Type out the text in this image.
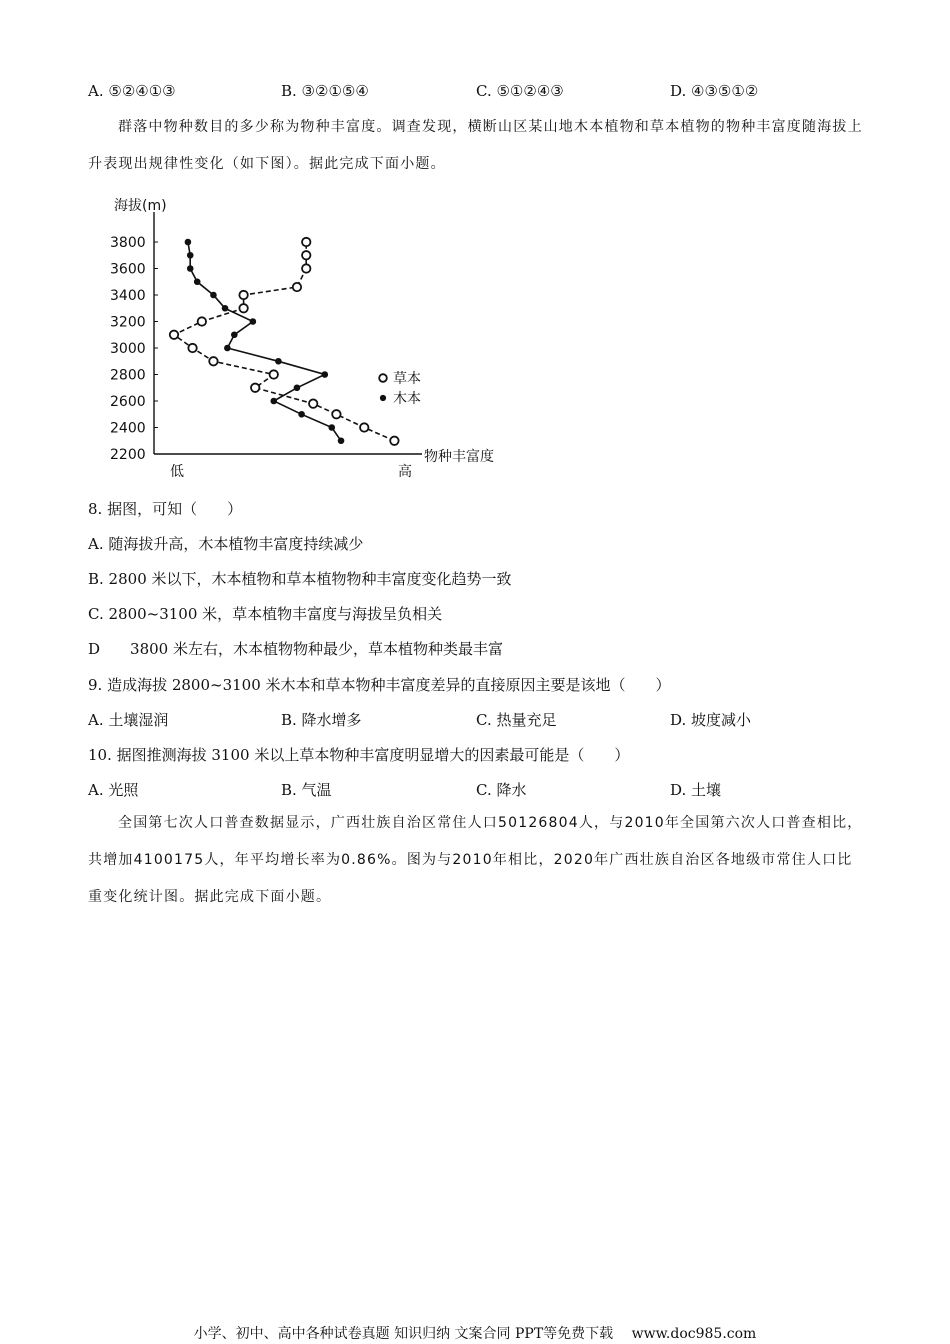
A. ⑤②④①③	B. ③②①⑤④	C. ⑤①②④③	D. ④③⑤①②
群落中物种数目的多少称为物种丰富度。调查发现，横断山区某山地木本植物和草本植物的物种丰富度随海拔上升表现出规律性变化（如下图）。据此完成下面小题。
海拔(m)
3800
3600
3400
3200
3000
2800
2600
2400
2200
低	高
物种丰富度
草本
木本
8. 据图，可知（　　）
A. 随海拔升高，木本植物丰富度持续减少
B. 2800 米以下，木本植物和草本植物物种丰富度变化趋势一致
C. 2800~3100 米，草本植物丰富度与海拔呈负相关
D　　3800 米左右，木本植物物种最少，草本植物种类最丰富
9. 造成海拔 2800~3100 米木本和草本物种丰富度差异的直接原因主要是该地（　　）
A. 土壤湿润	B. 降水增多	C. 热量充足	D. 坡度减小
10. 据图推测海拔 3100 米以上草本物种丰富度明显增大的因素最可能是（　　）
A. 光照	B. 气温	C. 降水	D. 土壤
全国第七次人口普查数据显示，广西壮族自治区常住人口50126804人，与2010年全国第六次人口普查相比，共增加4100175人，年平均增长率为0.86%。图为与2010年相比，2020年广西壮族自治区各地级市常住人口比重变化统计图。据此完成下面小题。
小学、初中、高中各种试卷真题 知识归纳 文案合同 PPT等免费下载　 www.doc985.com
